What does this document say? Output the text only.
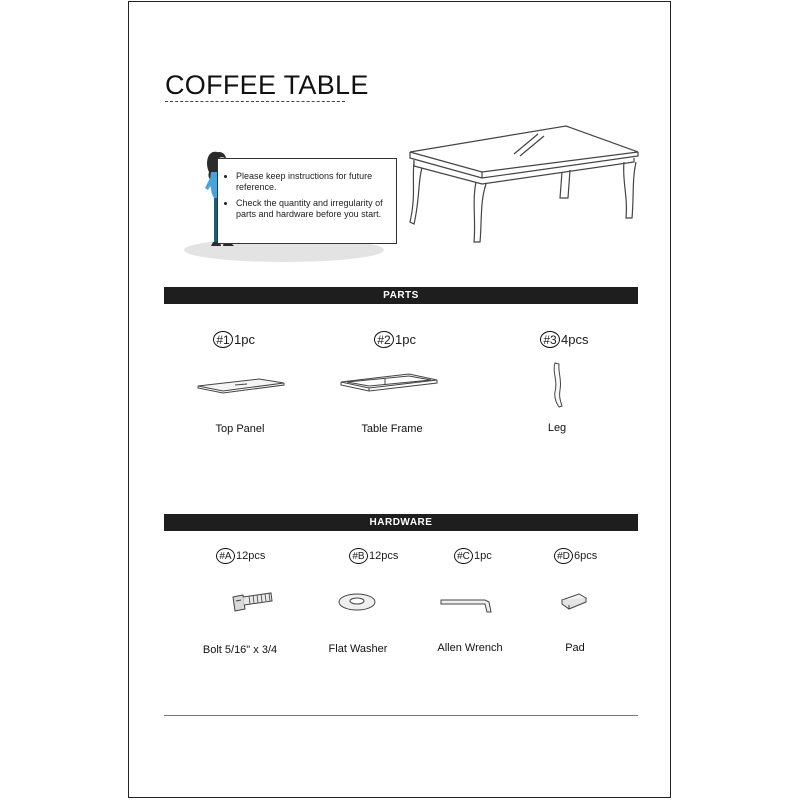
COFFEE TABLE
• Please keep instructions for future reference.
• Check the quantity and irregularity of parts and hardware before you start.
PARTS
#1 1pc
Top Panel
#2 1pc
Table Frame
#3 4pcs
Leg
HARDWARE
#A 12pcs
Bolt 5/16" x 3/4
#B 12pcs
Flat Washer
#C 1pc
Allen Wrench
#D 6pcs
Pad
